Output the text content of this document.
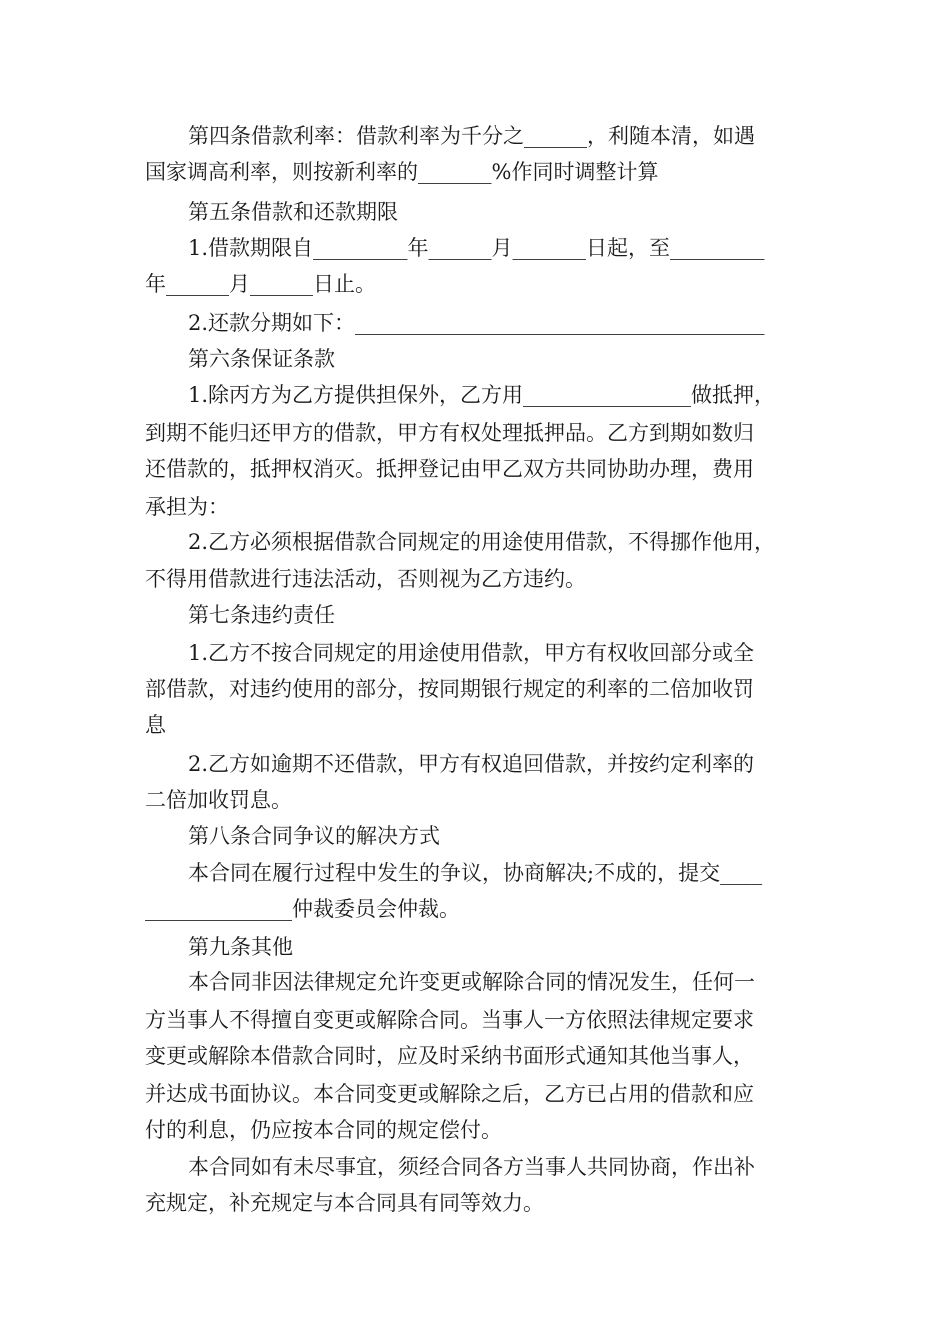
第四条借款利率：借款利率为千分之______，利随本清，如遇
国家调高利率，则按新利率的_______%作同时调整计算
第五条借款和还款期限
1.借款期限自_________年______月_______日起，至_________
年______月______日止。
2.还款分期如下：_______________________________________
第六条保证条款
1.除丙方为乙方提供担保外，乙方用________________做抵押，
到期不能归还甲方的借款，甲方有权处理抵押品。乙方到期如数归
还借款的，抵押权消灭。抵押登记由甲乙双方共同协助办理，费用
承担为：
2.乙方必须根据借款合同规定的用途使用借款，不得挪作他用，
不得用借款进行违法活动，否则视为乙方违约。
第七条违约责任
1.乙方不按合同规定的用途使用借款，甲方有权收回部分或全
部借款，对违约使用的部分，按同期银行规定的利率的二倍加收罚
息
2.乙方如逾期不还借款，甲方有权追回借款，并按约定利率的
二倍加收罚息。
第八条合同争议的解决方式
本合同在履行过程中发生的争议，协商解决;不成的，提交____
______________仲裁委员会仲裁。
第九条其他
本合同非因法律规定允许变更或解除合同的情况发生，任何一
方当事人不得擅自变更或解除合同。当事人一方依照法律规定要求
变更或解除本借款合同时，应及时采纳书面形式通知其他当事人，
并达成书面协议。本合同变更或解除之后，乙方已占用的借款和应
付的利息，仍应按本合同的规定偿付。
本合同如有未尽事宜，须经合同各方当事人共同协商，作出补
充规定，补充规定与本合同具有同等效力。
